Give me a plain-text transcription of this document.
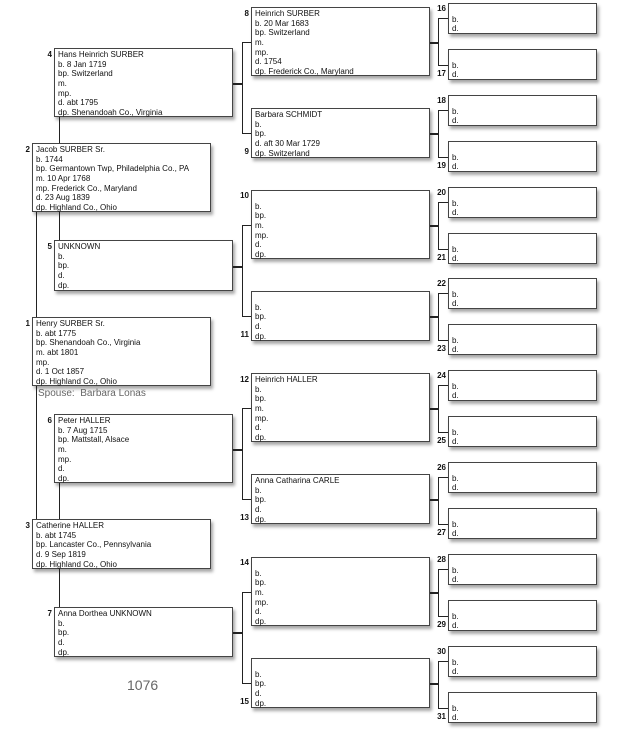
Henry SURBER Sr.
b. abt 1775
bp. Shenandoah Co., Virginia
m. abt 1801
mp.
d. 1 Oct 1857
dp. Highland Co., Ohio
1
Jacob SURBER Sr.
b. 1744
bp. Germantown Twp, Philadelphia Co., PA
m. 10 Apr 1768
mp. Frederick Co., Maryland
d. 23 Aug 1839
dp. Highland Co., Ohio
2
Catherine HALLER
b. abt 1745
bp. Lancaster Co., Pennsylvania
d. 9 Sep 1819
dp. Highland Co., Ohio
3
Hans Heinrich SURBER
b. 8 Jan 1719
bp. Switzerland
m.
mp.
d. abt 1795
dp. Shenandoah Co., Virginia
4
UNKNOWN
b.
bp.
d.
dp.
5
Peter HALLER
b. 7 Aug 1715
bp. Mattstall, Alsace
m.
mp.
d.
dp.
6
Anna Dorthea UNKNOWN
b.
bp.
d.
dp.
7
Heinrich SURBER
b. 20 Mar 1683
bp. Switzerland
m.
mp.
d. 1754
dp. Frederick Co., Maryland
8
Barbara SCHMIDT
b.
bp.
d. aft 30 Mar 1729
dp. Switzerland
9
b.
bp.
m.
mp.
d.
dp.
10
b.
bp.
d.
dp.
11
Heinrich HALLER
b.
bp.
m.
mp.
d.
dp.
12
Anna Catharina CARLE
b.
bp.
d.
dp.
13
b.
bp.
m.
mp.
d.
dp.
14
b.
bp.
d.
dp.
15
b.
d.
16
b.
d.
17
b.
d.
18
b.
d.
19
b.
d.
20
b.
d.
21
b.
d.
22
b.
d.
23
b.
d.
24
b.
d.
25
b.
d.
26
b.
d.
27
b.
d.
28
b.
d.
29
b.
d.
30
b.
d.
31
Spouse: Barbara Lonas
1076
